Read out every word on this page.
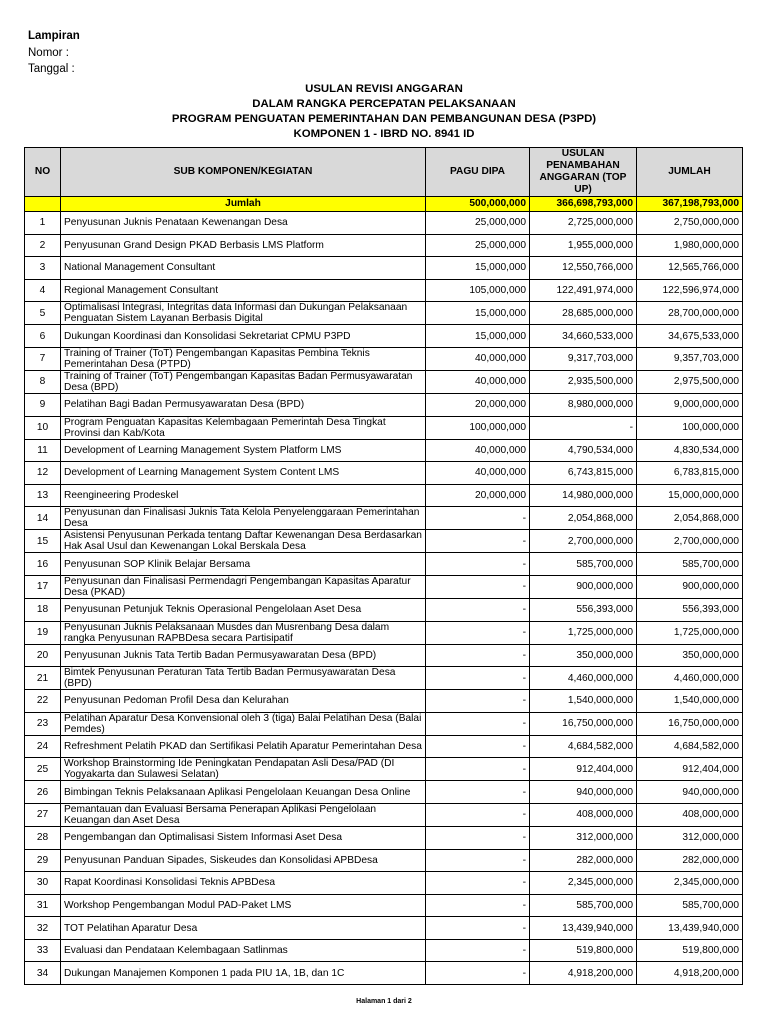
Lampiran
Nomor :
Tanggal :
USULAN REVISI ANGGARAN
DALAM RANGKA PERCEPATAN PELAKSANAAN
PROGRAM PENGUATAN PEMERINTAHAN DAN PEMBANGUNAN DESA (P3PD)
KOMPONEN 1 - IBRD NO. 8941 ID
NO	SUB KOMPONEN/KEGIATAN	PAGU DIPA	USULAN PENAMBAHAN ANGGARAN (TOP UP)	JUMLAH
	Jumlah	500,000,000	366,698,793,000	367,198,793,000
1	Penyusunan Juknis Penataan Kewenangan Desa	25,000,000	2,725,000,000	2,750,000,000
2	Penyusunan Grand Design PKAD Berbasis LMS Platform	25,000,000	1,955,000,000	1,980,000,000
3	National Management Consultant	15,000,000	12,550,766,000	12,565,766,000
4	Regional Management Consultant	105,000,000	122,491,974,000	122,596,974,000
5	Optimalisasi Integrasi, Integritas data Informasi dan Dukungan Pelaksanaan Penguatan Sistem Layanan Berbasis Digital	15,000,000	28,685,000,000	28,700,000,000
6	Dukungan Koordinasi dan Konsolidasi Sekretariat CPMU P3PD	15,000,000	34,660,533,000	34,675,533,000
7	Training of Trainer (ToT) Pengembangan Kapasitas Pembina Teknis Pemerintahan Desa (PTPD)	40,000,000	9,317,703,000	9,357,703,000
8	Training of Trainer (ToT) Pengembangan Kapasitas Badan Permusyawaratan Desa (BPD)	40,000,000	2,935,500,000	2,975,500,000
9	Pelatihan Bagi Badan Permusyawaratan Desa (BPD)	20,000,000	8,980,000,000	9,000,000,000
10	Program Penguatan Kapasitas Kelembagaan Pemerintah Desa Tingkat Provinsi dan Kab/Kota	100,000,000	-	100,000,000
11	Development of Learning Management System Platform LMS	40,000,000	4,790,534,000	4,830,534,000
12	Development of Learning Management System Content LMS	40,000,000	6,743,815,000	6,783,815,000
13	Reengineering Prodeskel	20,000,000	14,980,000,000	15,000,000,000
14	Penyusunan dan Finalisasi Juknis Tata Kelola Penyelenggaraan Pemerintahan Desa	-	2,054,868,000	2,054,868,000
15	Asistensi Penyusunan Perkada tentang Daftar Kewenangan Desa Berdasarkan Hak Asal Usul dan Kewenangan Lokal Berskala Desa	-	2,700,000,000	2,700,000,000
16	Penyusunan SOP Klinik Belajar Bersama	-	585,700,000	585,700,000
17	Penyusunan dan Finalisasi Permendagri Pengembangan Kapasitas Aparatur Desa (PKAD)	-	900,000,000	900,000,000
18	Penyusunan Petunjuk Teknis Operasional Pengelolaan Aset Desa	-	556,393,000	556,393,000
19	Penyusunan Juknis Pelaksanaan Musdes dan Musrenbang Desa dalam rangka Penyusunan RAPBDesa secara Partisipatif	-	1,725,000,000	1,725,000,000
20	Penyusunan Juknis Tata Tertib Badan Permusyawaratan Desa (BPD)	-	350,000,000	350,000,000
21	Bimtek Penyusunan Peraturan Tata Tertib Badan Permusyawaratan Desa (BPD)	-	4,460,000,000	4,460,000,000
22	Penyusunan Pedoman Profil Desa dan Kelurahan	-	1,540,000,000	1,540,000,000
23	Pelatihan Aparatur Desa Konvensional oleh 3 (tiga) Balai Pelatihan Desa (Balai Pemdes)	-	16,750,000,000	16,750,000,000
24	Refreshment Pelatih PKAD dan Sertifikasi Pelatih Aparatur Pemerintahan Desa	-	4,684,582,000	4,684,582,000
25	Workshop Brainstorming Ide Peningkatan Pendapatan Asli Desa/PAD (DI Yogyakarta dan Sulawesi Selatan)	-	912,404,000	912,404,000
26	Bimbingan Teknis Pelaksanaan Aplikasi Pengelolaan Keuangan Desa Online	-	940,000,000	940,000,000
27	Pemantauan dan Evaluasi Bersama Penerapan Aplikasi Pengelolaan Keuangan dan Aset Desa	-	408,000,000	408,000,000
28	Pengembangan dan Optimalisasi Sistem Informasi Aset Desa	-	312,000,000	312,000,000
29	Penyusunan Panduan Sipades, Siskeudes dan Konsolidasi APBDesa	-	282,000,000	282,000,000
30	Rapat Koordinasi Konsolidasi Teknis APBDesa	-	2,345,000,000	2,345,000,000
31	Workshop Pengembangan Modul PAD-Paket LMS	-	585,700,000	585,700,000
32	TOT Pelatihan Aparatur Desa	-	13,439,940,000	13,439,940,000
33	Evaluasi dan Pendataan Kelembagaan Satlinmas	-	519,800,000	519,800,000
34	Dukungan Manajemen Komponen 1 pada PIU 1A, 1B, dan 1C	-	4,918,200,000	4,918,200,000
Halaman 1 dari 2
